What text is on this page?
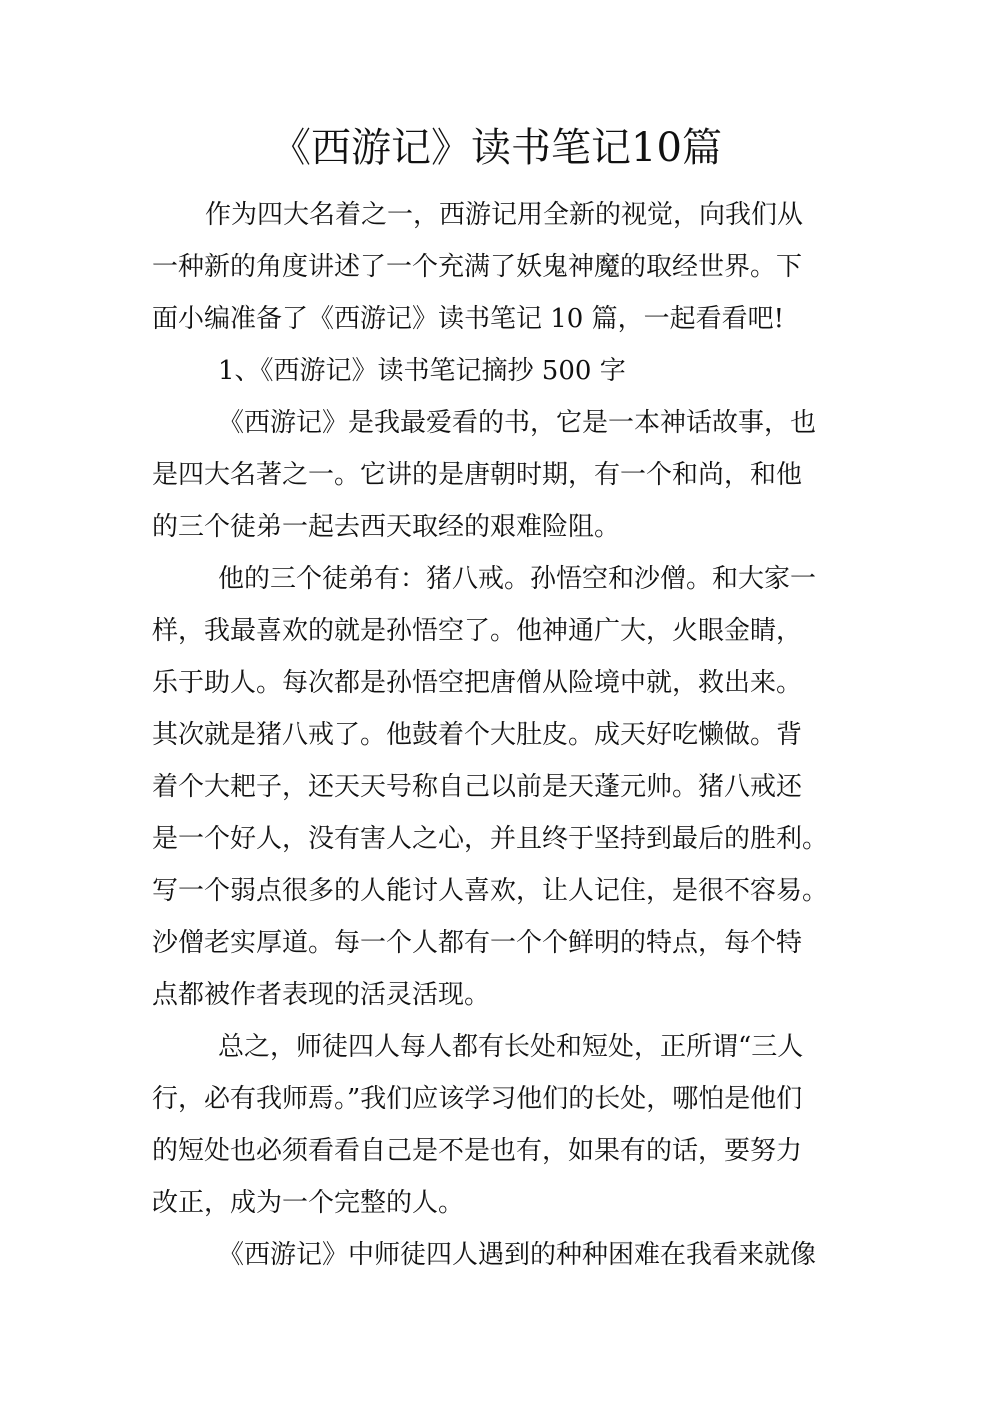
《西游记》读书笔记10篇
作为四大名着之一，西游记用全新的视觉，向我们从
一种新的角度讲述了一个充满了妖鬼神魔的取经世界。下
面小编准备了《西游记》读书笔记 10 篇，一起看看吧!
1、《西游记》读书笔记摘抄 500 字
《西游记》是我最爱看的书，它是一本神话故事，也
是四大名著之一。它讲的是唐朝时期，有一个和尚，和他
的三个徒弟一起去西天取经的艰难险阻。
他的三个徒弟有：猪八戒。孙悟空和沙僧。和大家一
样，我最喜欢的就是孙悟空了。他神通广大，火眼金睛，
乐于助人。每次都是孙悟空把唐僧从险境中就，救出来。
其次就是猪八戒了。他鼓着个大肚皮。成天好吃懒做。背
着个大耙子，还天天号称自己以前是天蓬元帅。猪八戒还
是一个好人，没有害人之心，并且终于坚持到最后的胜利。
写一个弱点很多的人能讨人喜欢，让人记住，是很不容易。
沙僧老实厚道。每一个人都有一个个鲜明的特点，每个特
点都被作者表现的活灵活现。
总之，师徒四人每人都有长处和短处，正所谓“三人
行，必有我师焉。”我们应该学习他们的长处，哪怕是他们
的短处也必须看看自己是不是也有，如果有的话，要努力
改正，成为一个完整的人。
《西游记》中师徒四人遇到的种种困难在我看来就像
